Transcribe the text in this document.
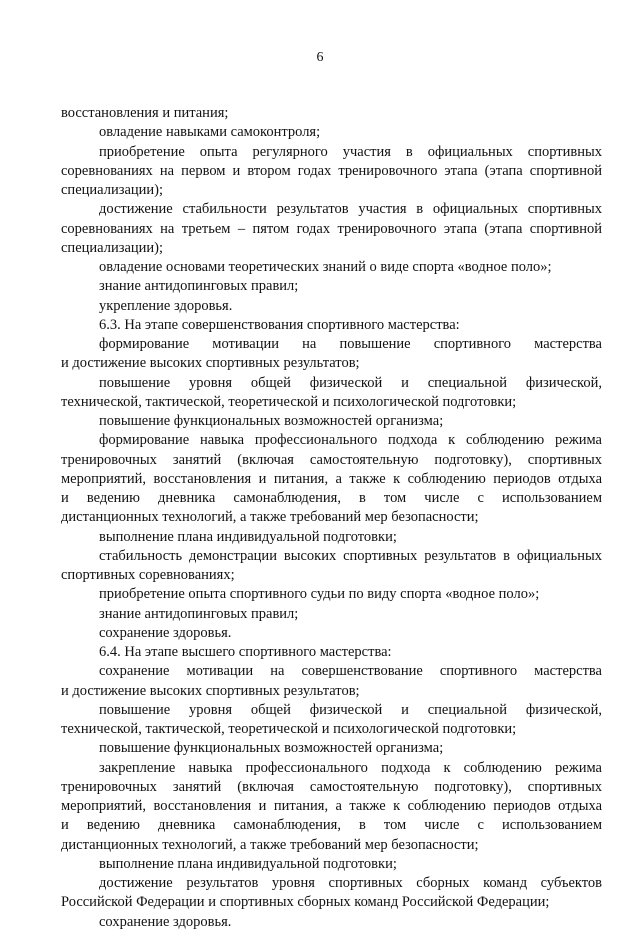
6
восстановления и питания;
овладение навыками самоконтроля;
приобретение опыта регулярного участия в официальных спортивных
соревнованиях на первом и втором годах тренировочного этапа (этапа спортивной
специализации);
достижение стабильности результатов участия в официальных спортивных
соревнованиях на третьем – пятом годах тренировочного этапа (этапа спортивной
специализации);
овладение основами теоретических знаний о виде спорта «водное поло»;
знание антидопинговых правил;
укрепление здоровья.
6.3. На этапе совершенствования спортивного мастерства:
формирование мотивации на повышение спортивного мастерства
и достижение высоких спортивных результатов;
повышение уровня общей физической и специальной физической,
технической, тактической, теоретической и психологической подготовки;
повышение функциональных возможностей организма;
формирование навыка профессионального подхода к соблюдению режима
тренировочных занятий (включая самостоятельную подготовку), спортивных
мероприятий, восстановления и питания, а также к соблюдению периодов отдыха
и ведению дневника самонаблюдения, в том числе с использованием
дистанционных технологий, а также требований мер безопасности;
выполнение плана индивидуальной подготовки;
стабильность демонстрации высоких спортивных результатов в официальных
спортивных соревнованиях;
приобретение опыта спортивного судьи по виду спорта «водное поло»;
знание антидопинговых правил;
сохранение здоровья.
6.4. На этапе высшего спортивного мастерства:
сохранение мотивации на совершенствование спортивного мастерства
и достижение высоких спортивных результатов;
повышение уровня общей физической и специальной физической,
технической, тактической, теоретической и психологической подготовки;
повышение функциональных возможностей организма;
закрепление навыка профессионального подхода к соблюдению режима
тренировочных занятий (включая самостоятельную подготовку), спортивных
мероприятий, восстановления и питания, а также к соблюдению периодов отдыха
и ведению дневника самонаблюдения, в том числе с использованием
дистанционных технологий, а также требований мер безопасности;
выполнение плана индивидуальной подготовки;
достижение результатов уровня спортивных сборных команд субъектов
Российской Федерации и спортивных сборных команд Российской Федерации;
сохранение здоровья.
